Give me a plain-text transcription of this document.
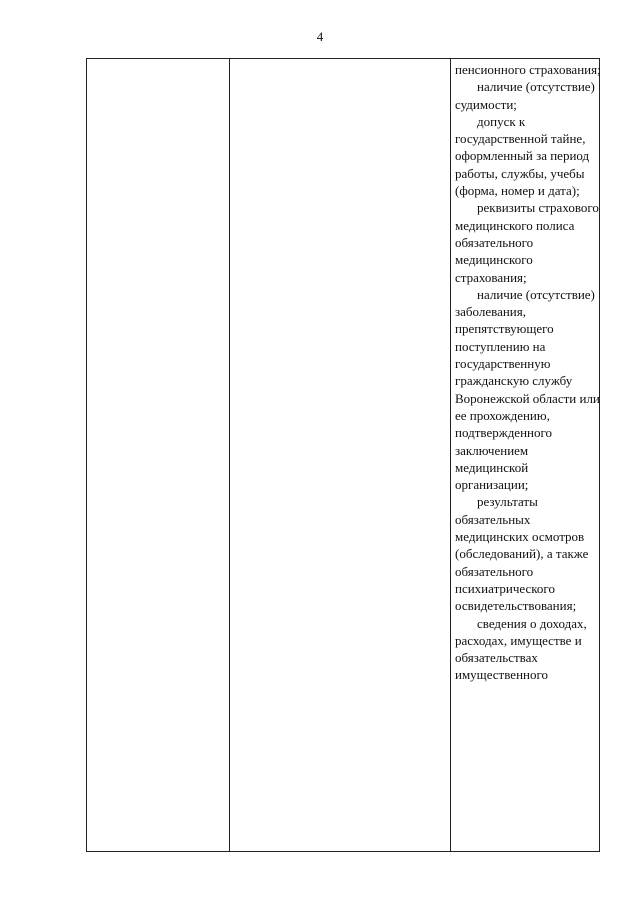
4

пенсионного страхования;

наличие (отсутствие) судимости;

допуск к государственной тайне, оформленный за период работы, службы, учебы (форма, номер и дата);

реквизиты страхового медицинского полиса обязательного медицинского страхования;

наличие (отсутствие) заболевания, препятствующего поступлению на государственную гражданскую службу Воронежской области или ее прохождению, подтвержденного заключением медицинской организации;

результаты обязательных медицинских осмотров (обследований), а также обязательного психиатрического освидетельствования;

сведения о доходах, расходах, имуществе и обязательствах имущественного
